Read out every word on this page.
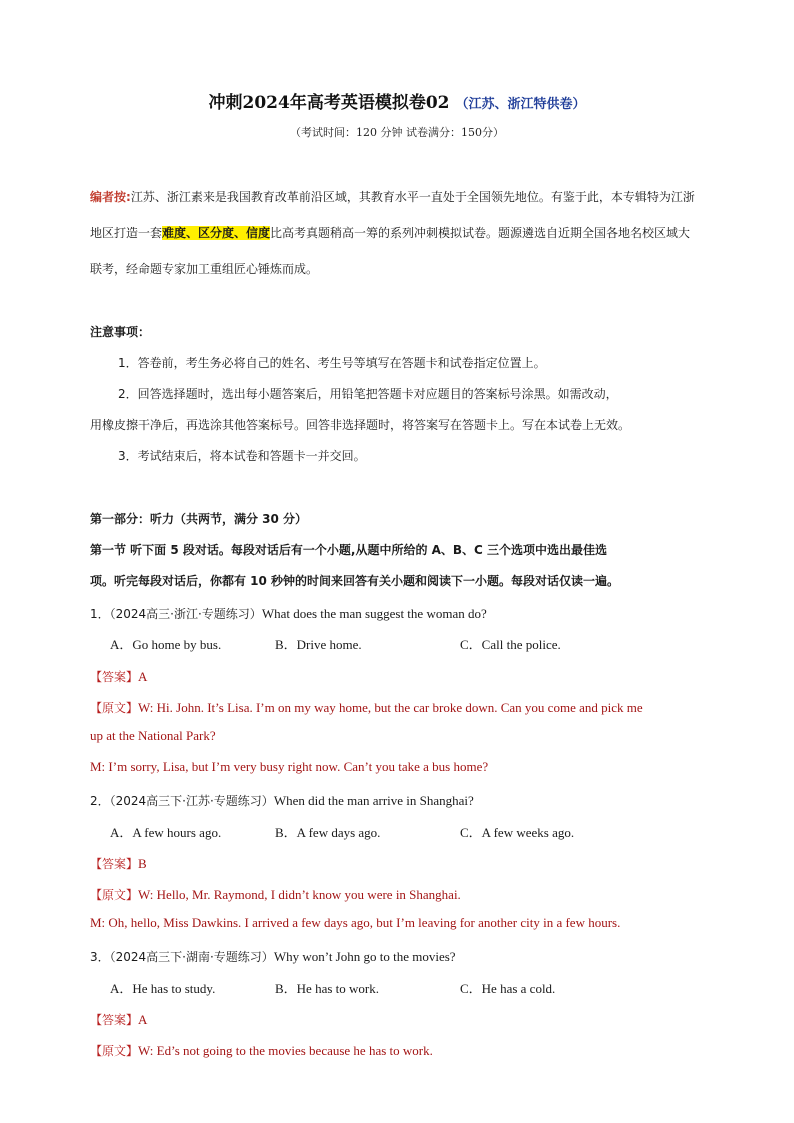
冲刺2024年高考英语模拟卷02 （江苏、浙江特供卷）
（考试时间：120 分钟 试卷满分：150分）
编者按:江苏、浙江素来是我国教育改革前沿区域，其教育水平一直处于全国领先地位。有鉴于此，本专辑特为江浙
地区打造一套难度、区分度、信度比高考真题稍高一筹的系列冲刺模拟试卷。题源遴选自近期全国各地名校区域大
联考，经命题专家加工重组匠心锤炼而成。
注意事项：
1．答卷前，考生务必将自己的姓名、考生号等填写在答题卡和试卷指定位置上。
2．回答选择题时，选出每小题答案后，用铅笔把答题卡对应题目的答案标号涂黑。如需改动，
用橡皮擦干净后，再选涂其他答案标号。回答非选择题时，将答案写在答题卡上。写在本试卷上无效。
3．考试结束后，将本试卷和答题卡一并交回。
第一部分：听力（共两节，满分 30 分）
第一节 听下面 5 段对话。每段对话后有一个小题,从题中所给的 A、B、C 三个选项中选出最佳选
项。听完每段对话后，你都有 10 秒钟的时间来回答有关小题和阅读下一小题。每段对话仅读一遍。
1．（2024高三·浙江·专题练习）What does the man suggest the woman do?
A．Go home by bus.	B．Drive home.	C．Call the police.
【答案】A
【原文】W: Hi. John. It’s Lisa. I’m on my way home, but the car broke down. Can you come and pick me
up at the National Park?
M: I’m sorry, Lisa, but I’m very busy right now. Can’t you take a bus home?
2．（2024高三下·江苏·专题练习）When did the man arrive in Shanghai?
A．A few hours ago.	B．A few days ago.	C．A few weeks ago.
【答案】B
【原文】W: Hello, Mr. Raymond, I didn’t know you were in Shanghai.
M: Oh, hello, Miss Dawkins. I arrived a few days ago, but I’m leaving for another city in a few hours.
3．（2024高三下·湖南·专题练习）Why won’t John go to the movies?
A．He has to study.	B．He has to work.	C．He has a cold.
【答案】A
【原文】W: Ed’s not going to the movies because he has to work.
